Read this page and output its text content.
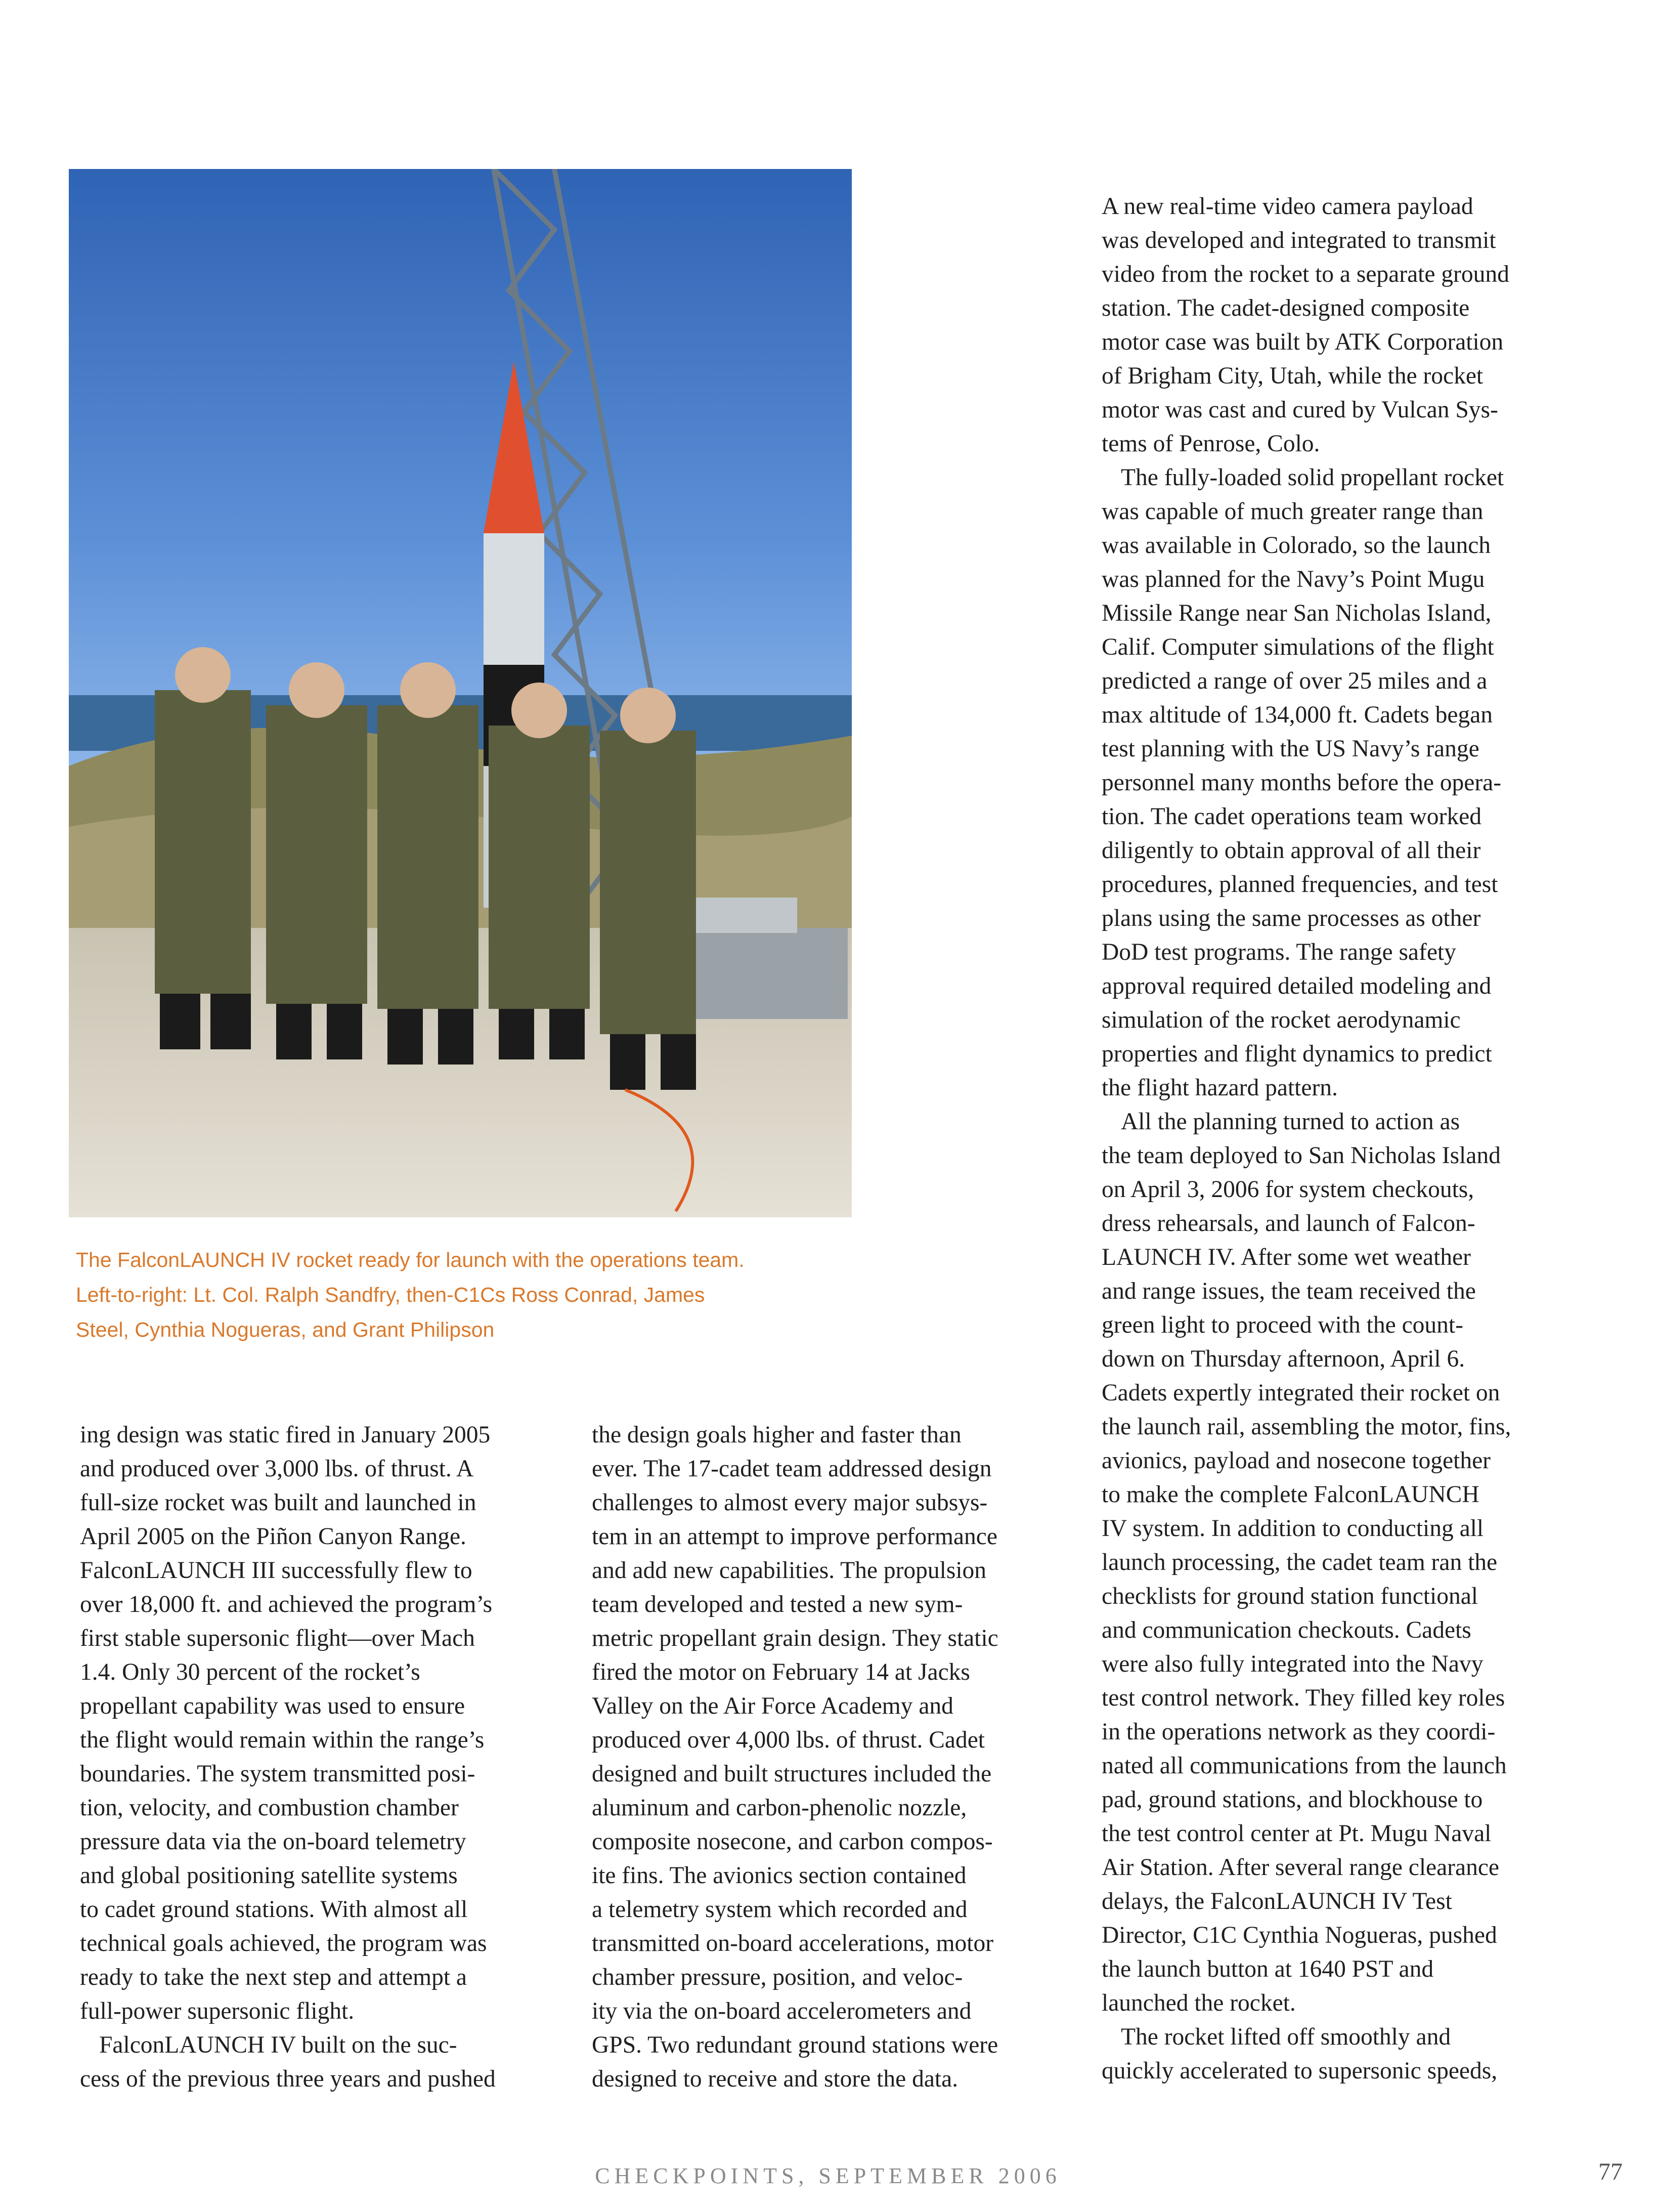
The FalconLAUNCH IV rocket ready for launch with the operations team.
Left-to-right: Lt. Col. Ralph Sandfry, then-C1Cs Ross Conrad, James
Steel, Cynthia Nogueras, and Grant Philipson
ing design was static fired in January 2005
and produced over 3,000 lbs. of thrust. A
full-size rocket was built and launched in
April 2005 on the Piñon Canyon Range.
FalconLAUNCH III successfully flew to
over 18,000 ft. and achieved the program’s
first stable supersonic flight—over Mach
1.4. Only 30 percent of the rocket’s
propellant capability was used to ensure
the flight would remain within the range’s
boundaries. The system transmitted posi-
tion, velocity, and combustion chamber
pressure data via the on-board telemetry
and global positioning satellite systems
to cadet ground stations. With almost all
technical goals achieved, the program was
ready to take the next step and attempt a
full-power supersonic flight.
FalconLAUNCH IV built on the suc-
cess of the previous three years and pushed
the design goals higher and faster than
ever. The 17-cadet team addressed design
challenges to almost every major subsys-
tem in an attempt to improve performance
and add new capabilities. The propulsion
team developed and tested a new sym-
metric propellant grain design. They static
fired the motor on February 14 at Jacks
Valley on the Air Force Academy and
produced over 4,000 lbs. of thrust. Cadet
designed and built structures included the
aluminum and carbon-phenolic nozzle,
composite nosecone, and carbon compos-
ite fins. The avionics section contained
a telemetry system which recorded and
transmitted on-board accelerations, motor
chamber pressure, position, and veloc-
ity via the on-board accelerometers and
GPS. Two redundant ground stations were
designed to receive and store the data.
A new real-time video camera payload
was developed and integrated to transmit
video from the rocket to a separate ground
station. The cadet-designed composite
motor case was built by ATK Corporation
of Brigham City, Utah, while the rocket
motor was cast and cured by Vulcan Sys-
tems of Penrose, Colo.
The fully-loaded solid propellant rocket
was capable of much greater range than
was available in Colorado, so the launch
was planned for the Navy’s Point Mugu
Missile Range near San Nicholas Island,
Calif. Computer simulations of the flight
predicted a range of over 25 miles and a
max altitude of 134,000 ft. Cadets began
test planning with the US Navy’s range
personnel many months before the opera-
tion. The cadet operations team worked
diligently to obtain approval of all their
procedures, planned frequencies, and test
plans using the same processes as other
DoD test programs. The range safety
approval required detailed modeling and
simulation of the rocket aerodynamic
properties and flight dynamics to predict
the flight hazard pattern.
All the planning turned to action as
the team deployed to San Nicholas Island
on April 3, 2006 for system checkouts,
dress rehearsals, and launch of Falcon-
LAUNCH IV. After some wet weather
and range issues, the team received the
green light to proceed with the count-
down on Thursday afternoon, April 6.
Cadets expertly integrated their rocket on
the launch rail, assembling the motor, fins,
avionics, payload and nosecone together
to make the complete FalconLAUNCH
IV system. In addition to conducting all
launch processing, the cadet team ran the
checklists for ground station functional
and communication checkouts. Cadets
were also fully integrated into the Navy
test control network. They filled key roles
in the operations network as they coordi-
nated all communications from the launch
pad, ground stations, and blockhouse to
the test control center at Pt. Mugu Naval
Air Station. After several range clearance
delays, the FalconLAUNCH IV Test
Director, C1C Cynthia Nogueras, pushed
the launch button at 1640 PST and
launched the rocket.
The rocket lifted off smoothly and
quickly accelerated to supersonic speeds,
CHECKPOINTS, SEPTEMBER 2006	77
